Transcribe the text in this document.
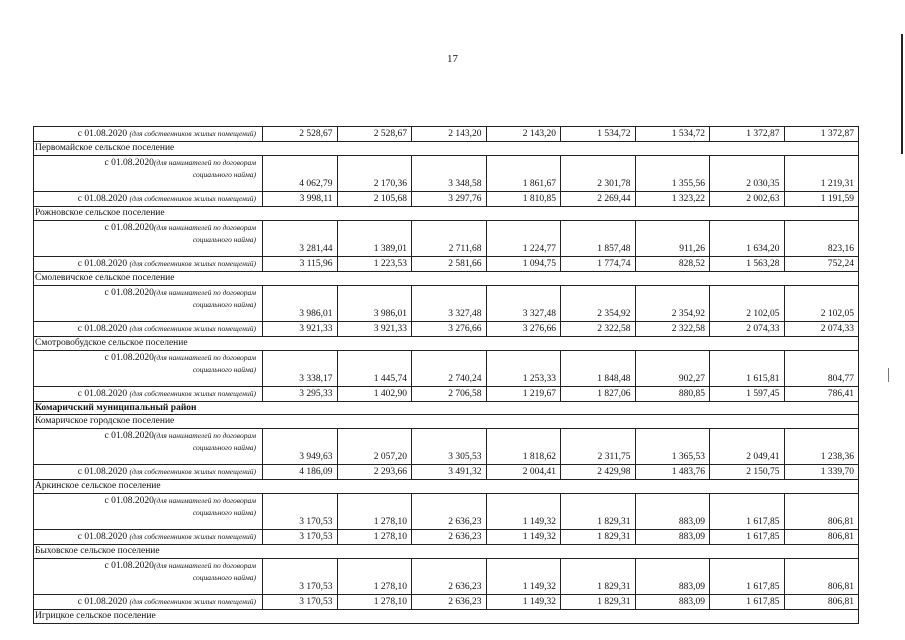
17
с 01.08.2020 (для собственников жилых помещений)	2 528,67	2 528,67	2 143,20	2 143,20	1 534,72	1 534,72	1 372,87	1 372,87
Первомайское сельское поселение								

с 01.08.2020(для нанимателей по договорам
социального найма)	4 062,79	2 170,36	3 348,58	1 861,67	2 301,78	1 355,56	2 030,35	1 219,31
с 01.08.2020 (для собственников жилых помещений)	3 998,11	2 105,68	3 297,76	1 810,85	2 269,44	1 323,22	2 002,63	1 191,59
Рожновское сельское поселение								

с 01.08.2020(для нанимателей по договорам
социального найма)	3 281,44	1 389,01	2 711,68	1 224,77	1 857,48	911,26	1 634,20	823,16
с 01.08.2020 (для собственников жилых помещений)	3 115,96	1 223,53	2 581,66	1 094,75	1 774,74	828,52	1 563,28	752,24
Смолевичское сельское поселение								

с 01.08.2020(для нанимателей по договорам
социального найма)	3 986,01	3 986,01	3 327,48	3 327,48	2 354,92	2 354,92	2 102,05	2 102,05
с 01.08.2020 (для собственников жилых помещений)	3 921,33	3 921,33	3 276,66	3 276,66	2 322,58	2 322,58	2 074,33	2 074,33
Смотровобудское сельское поселение								

с 01.08.2020(для нанимателей по договорам
социального найма)	3 338,17	1 445,74	2 740,24	1 253,33	1 848,48	902,27	1 615,81	804,77
с 01.08.2020 (для собственников жилых помещений)	3 295,33	1 402,90	2 706,58	1 219,67	1 827,06	880,85	1 597,45	786,41
Комаричский муниципальный район								
Комаричское городское поселение								

с 01.08.2020(для нанимателей по договорам
социального найма)	3 949,63	2 057,20	3 305,53	1 818,62	2 311,75	1 365,53	2 049,41	1 238,36
с 01.08.2020 (для собственников жилых помещений)	4 186,09	2 293,66	3 491,32	2 004,41	2 429,98	1 483,76	2 150,75	1 339,70
Аркинское сельское поселение								

с 01.08.2020(для нанимателей по договорам
социального найма)	3 170,53	1 278,10	2 636,23	1 149,32	1 829,31	883,09	1 617,85	806,81
с 01.08.2020 (для собственников жилых помещений)	3 170,53	1 278,10	2 636,23	1 149,32	1 829,31	883,09	1 617,85	806,81
Быховское сельское поселение								

с 01.08.2020(для нанимателей по договорам
социального найма)	3 170,53	1 278,10	2 636,23	1 149,32	1 829,31	883,09	1 617,85	806,81
с 01.08.2020 (для собственников жилых помещений)	3 170,53	1 278,10	2 636,23	1 149,32	1 829,31	883,09	1 617,85	806,81
Игрицкое сельское поселение								
